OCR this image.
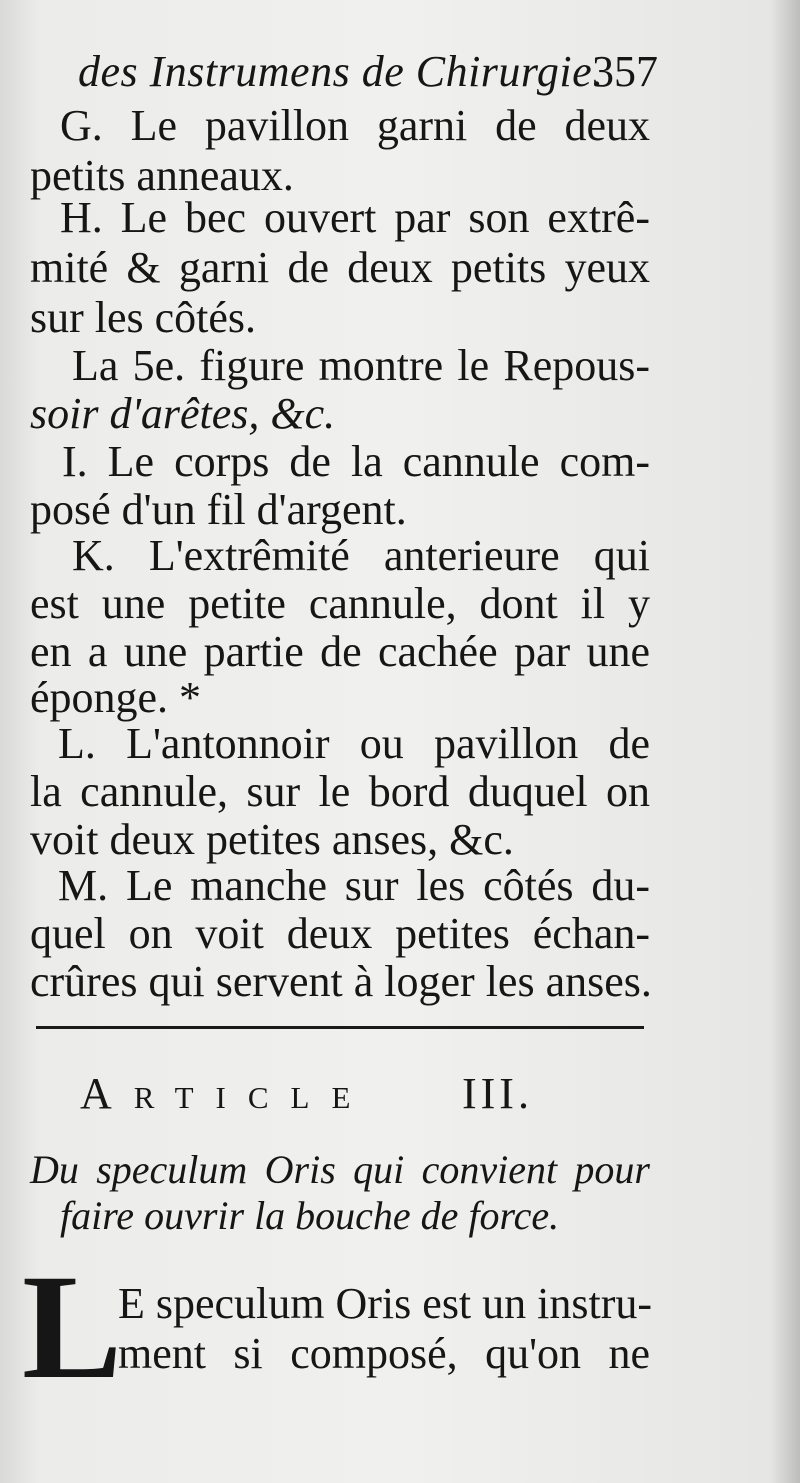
des Instrumens de Chirurgie.
357
G. Le pavillon garni de deux
petits anneaux.
H. Le bec ouvert par son extrê-
mité & garni de deux petits yeux
sur les côtés.
La 5e. figure montre le Repous-
soir d'arêtes, &c.
I. Le corps de la cannule com-
posé d'un fil d'argent.
K. L'extrêmité anterieure qui
est une petite cannule, dont il y
en a une partie de cachée par une
éponge. *
L. L'antonnoir ou pavillon de
la cannule, sur le bord duquel on
voit deux petites anses, &c.
M. Le manche sur les côtés du-
quel on voit deux petites échan-
crûres qui servent à loger les anses.
Article	III.
Du speculum Oris qui convient pour
faire ouvrir la bouche de force.
L
E speculum Oris est un instru-
ment si composé, qu'on ne
